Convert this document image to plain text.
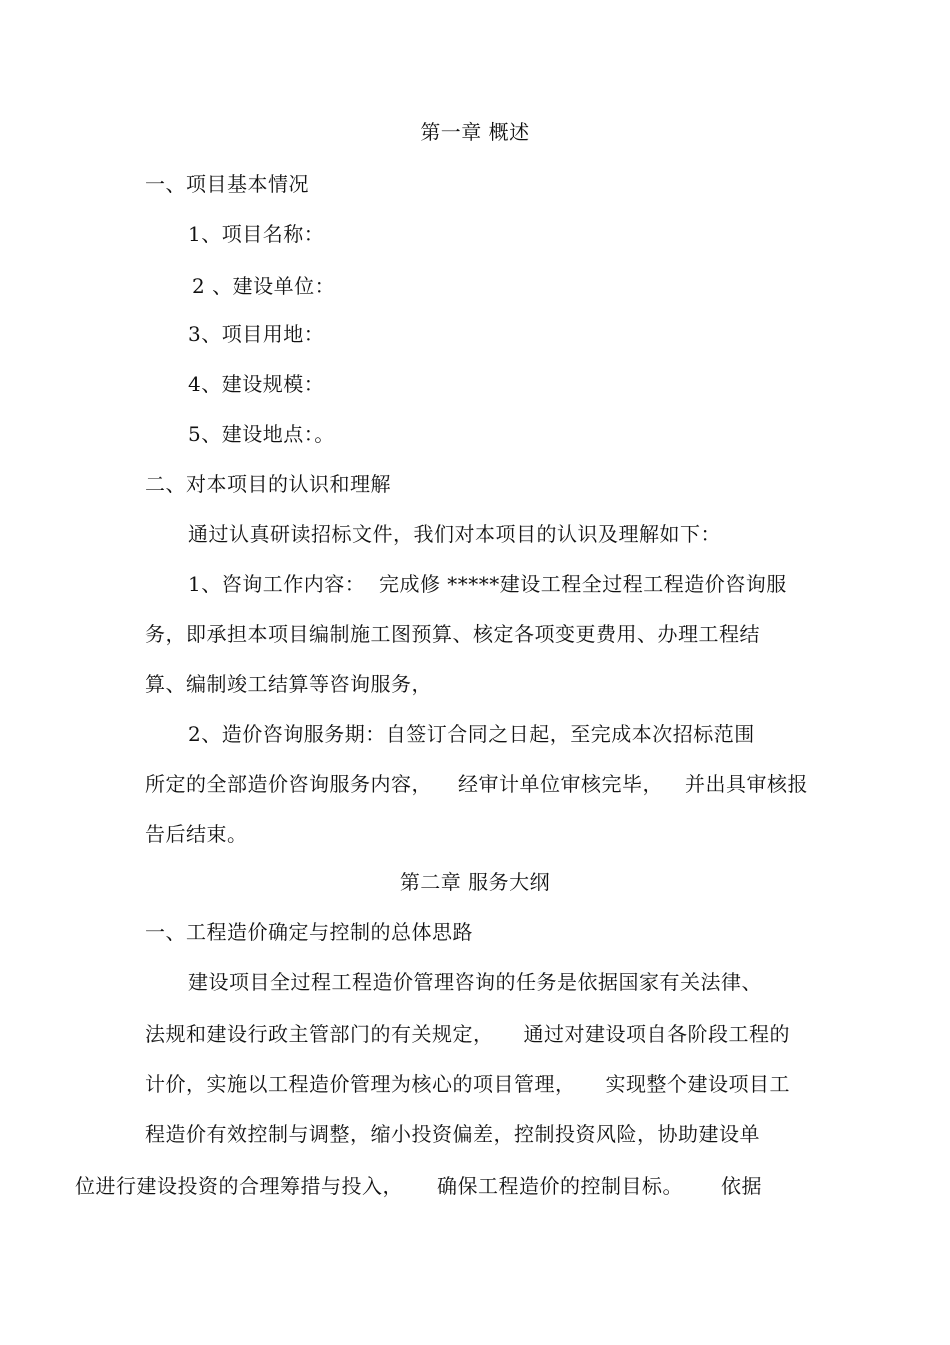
第一章 概述
一、项目基本情况
1、项目名称：
2 、建设单位：
3、项目用地：
4、建设规模：
5、建设地点：。
二、对本项目的认识和理解
通过认真研读招标文件，我们对本项目的认识及理解如下：
1、咨询工作内容：  完成修 *****建设工程全过程工程造价咨询服
务，即承担本项目编制施工图预算、核定各项变更费用、办理工程结
算、编制竣工结算等咨询服务，
2、造价咨询服务期：自签订合同之日起，至完成本次招标范围
所定的全部造价咨询服务内容， 经审计单位审核完毕， 并出具审核报
告后结束。
第二章 服务大纲
一、工程造价确定与控制的总体思路
建设项目全过程工程造价管理咨询的任务是依据国家有关法律、
法规和建设行政主管部门的有关规定， 通过对建设项自各阶段工程的
计价，实施以工程造价管理为核心的项目管理， 实现整个建设项目工
程造价有效控制与调整，缩小投资偏差，控制投资风险，协助建设单
位进行建设投资的合理筹措与投入， 确保工程造价的控制目标。 依据
